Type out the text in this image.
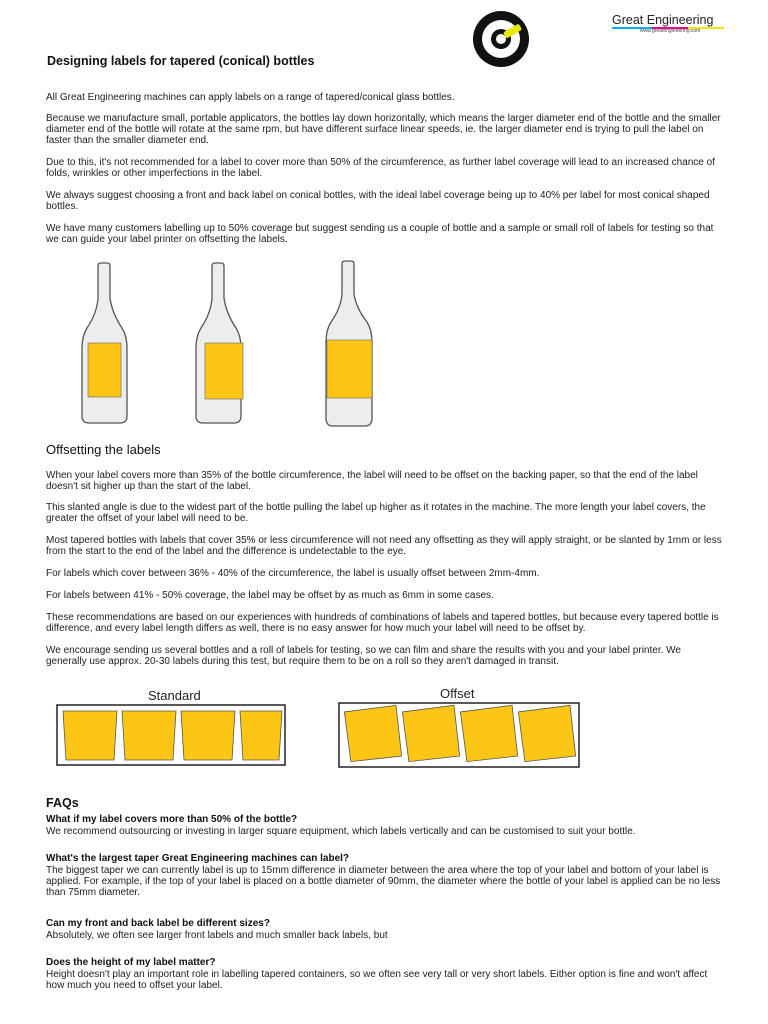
Great Engineering
www.greatengineering.com
Designing labels for tapered (conical) bottles

All Great Engineering machines can apply labels on a range of tapered/conical glass bottles.

Because we manufacture small, portable applicators, the bottles lay down horizontally, which means the larger diameter end of the bottle and the smaller diameter end of the bottle will rotate at the same rpm, but have different surface linear speeds, ie. the larger diameter end is trying to pull the label on faster than the smaller diameter end.

Due to this, it's not recommended for a label to cover more than 50% of the circumference, as further label coverage will lead to an increased chance of folds, wrinkles or other imperfections in the label.

We always suggest choosing a front and back label on conical bottles, with the ideal label coverage being up to 40% per label for most conical shaped bottles.

We have many customers labelling up to 50% coverage but suggest sending us a couple of bottle and a sample or small roll of labels for testing so that we can guide your label printer on offsetting the labels.

Offsetting the labels

When your label covers more than 35% of the bottle circumference, the label will need to be offset on the backing paper, so that the end of the label doesn't sit higher up than the start of the label.

This slanted angle is due to the widest part of the bottle pulling the label up higher as it rotates in the machine. The more length your label covers, the greater the offset of your label will need to be.

Most tapered bottles with labels that cover 35% or less circumference will not need any offsetting as they will apply straight, or be slanted by 1mm or less from the start to the end of the label and the difference is undetectable to the eye.

For labels which cover between 36% - 40% of the circumference, the label is usually offset between 2mm-4mm.

For labels between 41% - 50% coverage, the label may be offset by as much as 6mm in some cases.

These recommendations are based on our experiences with hundreds of combinations of labels and tapered bottles, but because every tapered bottle is difference, and every label length differs as well, there is no easy answer for how much your label will need to be offset by.

We encourage sending us several bottles and a roll of labels for testing, so we can film and share the results with you and your label printer. We generally use approx. 20-30 labels during this test, but require them to be on a roll so they aren't damaged in transit.

Standard	Offset
FAQs

What if my label covers more than 50% of the bottle?

We recommend outsourcing or investing in larger square equipment, which labels vertically and can be customised to suit your bottle.

What's the largest taper Great Engineering machines can label?

The biggest taper we can currently label is up to 15mm difference in diameter between the area where the top of your label and bottom of your label is applied. For example, if the top of your label is placed on a bottle diameter of 90mm, the diameter where the bottle of your label is applied can be no less than 75mm diameter.

Can my front and back label be different sizes?

Absolutely, we often see larger front labels and much smaller back labels, but

Does the height of my label matter?

Height doesn't play an important role in labelling tapered containers, so we often see very tall or very short labels. Either option is fine and won't affect how much you need to offset your label.
